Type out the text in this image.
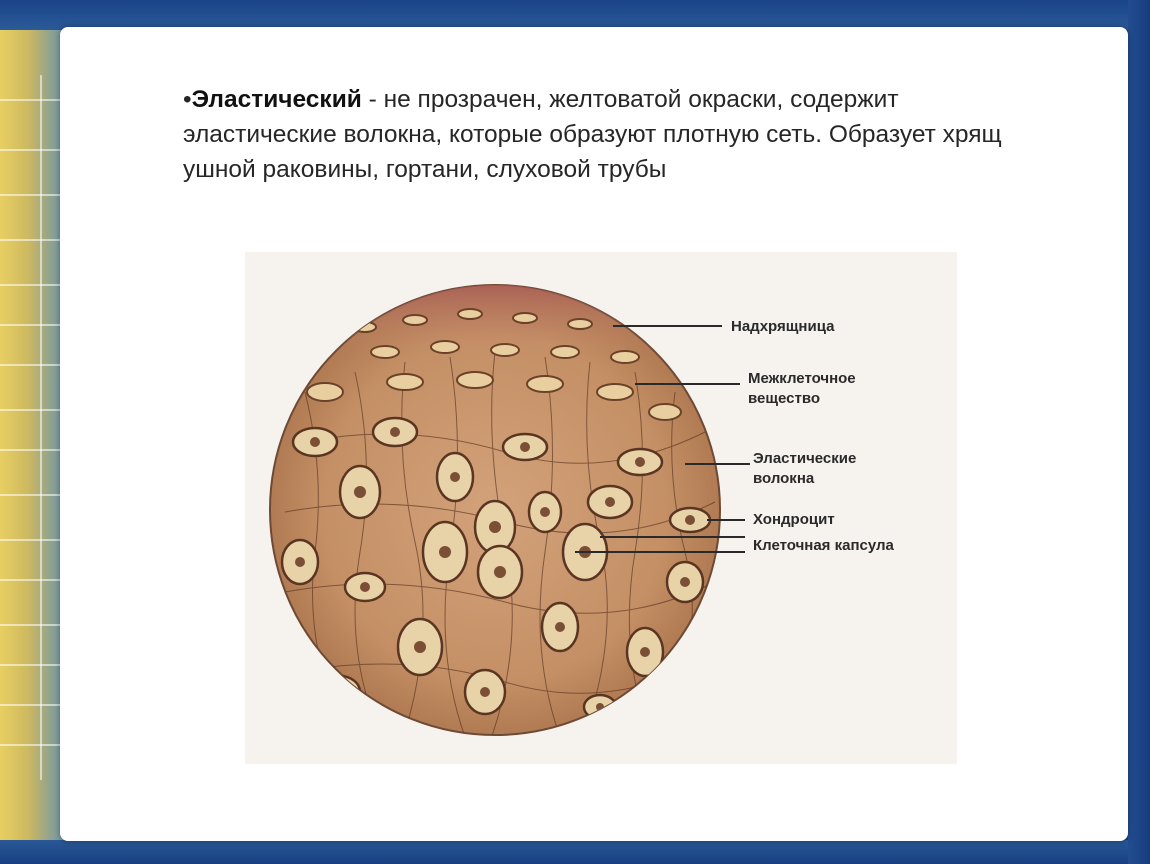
•Эластический - не прозрачен, желтоватой окраски, содержит эластические волокна, которые образуют плотную сеть. Образует хрящ ушной раковины, гортани, слуховой трубы
Надхрящница
Межклеточное
вещество
Эластические
волокна
Хондроцит
Клеточная капсула
